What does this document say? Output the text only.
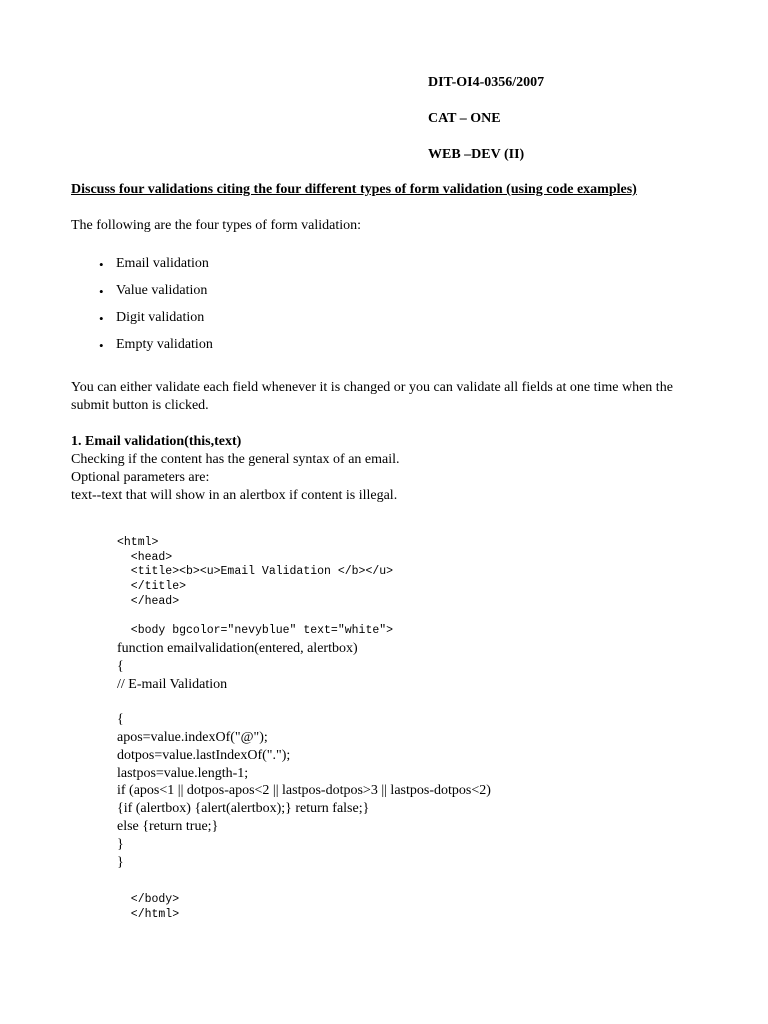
DIT-OI4-0356/2007
CAT – ONE
WEB –DEV (II)
Discuss four validations citing the four different types of form validation (using code examples)
The following are the four types of form validation:
• Email validation
• Value validation
• Digit validation
• Empty validation
You can either validate each field whenever it is changed or you can validate all fields at one time when the submit button is clicked.
1. Email validation(this,text)
Checking if the content has the general syntax of an email.
Optional parameters are:
text--text that will show in an alertbox if content is illegal.
<html>
<head>
<title><b><u>Email Validation </b></u>
</title>
</head>

<body bgcolor="nevyblue" text="white">
function emailvalidation(entered, alertbox)
{
// E-mail Validation

{
apos=value.indexOf("@");
dotpos=value.lastIndexOf(".");
lastpos=value.length-1;
if (apos<1 || dotpos-apos<2 || lastpos-dotpos>3 || lastpos-dotpos<2)
{if (alertbox) {alert(alertbox);} return false;}
else {return true;}
}
}
</body>
</html>
